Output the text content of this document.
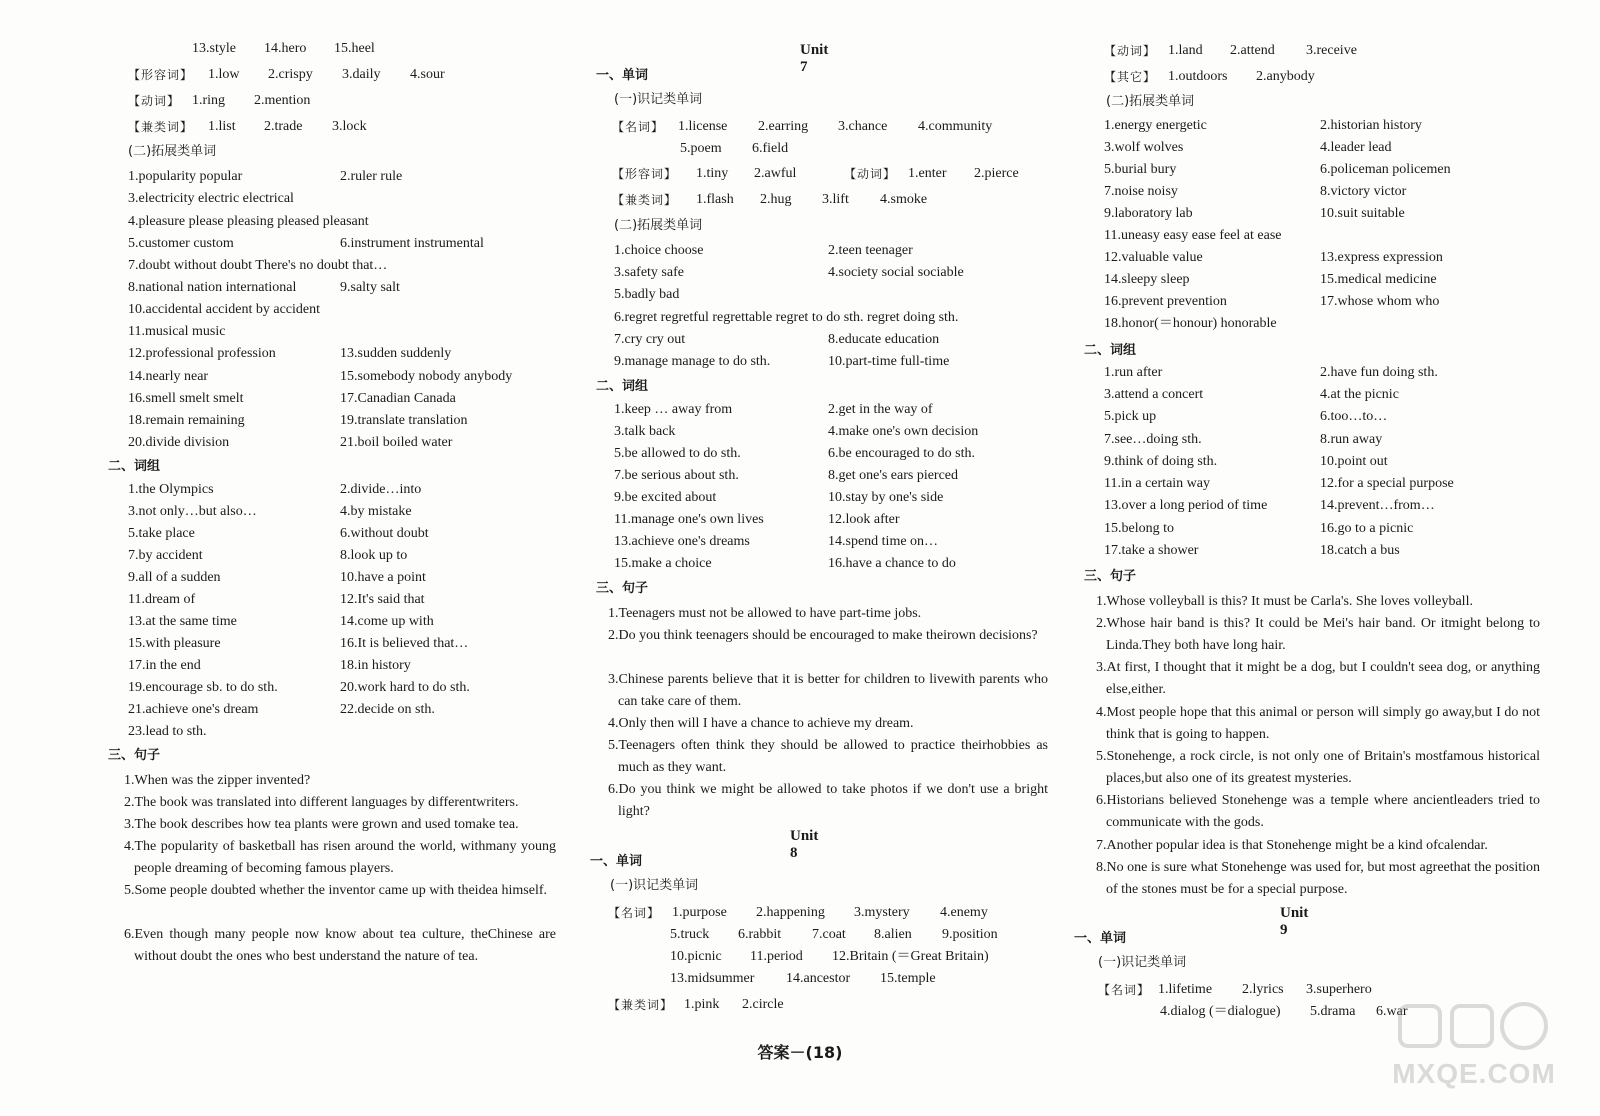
13.style 14.hero 15.heel
【形容词】 1.low 2.crispy 3.daily 4.sour
【动词】 1.ring 2.mention
【兼类词】 1.list 2.trade 3.lock
(二)拓展类单词
1.popularity popular	2.ruler rule
3.electricity electric electrical
4.pleasure please pleasing pleased pleasant
5.customer custom	6.instrument instrumental
7.doubt without doubt There's no doubt that…
8.national nation international	9.salty salt
10.accidental accident by accident
11.musical music
12.professional profession	13.sudden suddenly
14.nearly near	15.somebody nobody anybody
16.smell smelt smelt	17.Canadian Canada
18.remain remaining	19.translate translation
20.divide division	21.boil boiled water
二、词组
1.the Olympics	2.divide…into
3.not only…but also…	4.by mistake
5.take place	6.without doubt
7.by accident	8.look up to
9.all of a sudden	10.have a point
11.dream of	12.It's said that
13.at the same time	14.come up with
15.with pleasure	16.It is believed that…
17.in the end	18.in history
19.encourage sb. to do sth.	20.work hard to do sth.
21.achieve one's dream	22.decide on sth.
23.lead to sth.
三、句子
1.When was the zipper invented?
2.The book was translated into different languages by differentwriters.
3.The book describes how tea plants were grown and used tomake tea.
4.The popularity of basketball has risen around the world, withmany young people dreaming of becoming famous players.
5.Some people doubted whether the inventor came up with theidea himself.
6.Even though many people now know about tea culture, theChinese are without doubt the ones who best understand the nature of tea.
Unit 7
Unit 8
一、单词
(一)识记类单词
【名词】 1.license 2.earring 3.chance 4.community
5.poem 6.field
【形容词】 1.tiny 2.awful	【动词】 1.enter 2.pierce
【兼类词】 1.flash 2.hug 3.lift 4.smoke
(二)拓展类单词
1.choice choose	2.teen teenager
3.safety safe	4.society social sociable
5.badly bad
6.regret regretful regrettable regret to do sth. regret doing sth.
7.cry cry out	8.educate education
9.manage manage to do sth.	10.part-time full-time
二、词组
1.keep … away from	2.get in the way of
3.talk back	4.make one's own decision
5.be allowed to do sth.	6.be encouraged to do sth.
7.be serious about sth.	8.get one's ears pierced
9.be excited about	10.stay by one's side
11.manage one's own lives	12.look after
13.achieve one's dreams	14.spend time on…
15.make a choice	16.have a chance to do
三、句子
一、单词
(一)识记类单词
【名词】 1.purpose 2.happening 3.mystery 4.enemy
5.truck 6.rabbit 7.coat 8.alien 9.position
10.picnic 11.period 12.Britain (＝Great Britain)
13.midsummer 14.ancestor 15.temple
【兼类词】 1.pink 2.circle
1.Teenagers must not be allowed to have part-time jobs.
2.Do you think teenagers should be encouraged to make theirown decisions?
3.Chinese parents believe that it is better for children to livewith parents who can take care of them.
4.Only then will I have a chance to achieve my dream.
5.Teenagers often think they should be allowed to practice theirhobbies as much as they want.
6.Do you think we might be allowed to take photos if we don't use a bright light?
Unit 9
【动词】 1.land 2.attend 3.receive
【其它】 1.outdoors 2.anybody
(二)拓展类单词
1.energy energetic	2.historian history
3.wolf wolves	4.leader lead
5.burial bury	6.policeman policemen
7.noise noisy	8.victory victor
9.laboratory lab	10.suit suitable
11.uneasy easy ease feel at ease
12.valuable value	13.express expression
14.sleepy sleep	15.medical medicine
16.prevent prevention	17.whose whom who
18.honor(＝honour) honorable
二、词组
1.run after	2.have fun doing sth.
3.attend a concert	4.at the picnic
5.pick up	6.too…to…
7.see…doing sth.	8.run away
9.think of doing sth.	10.point out
11.in a certain way	12.for a special purpose
13.over a long period of time	14.prevent…from…
15.belong to	16.go to a picnic
17.take a shower	18.catch a bus
三、句子
一、单词
(一)识记类单词
【名词】 1.lifetime 2.lyrics 3.superhero
4.dialog (＝dialogue) 5.drama 6.war
1.Whose volleyball is this? It must be Carla's. She loves volleyball.
2.Whose hair band is this? It could be Mei's hair band. Or itmight belong to Linda.They both have long hair.
3.At first, I thought that it might be a dog, but I couldn't seea dog, or anything else,either.
4.Most people hope that this animal or person will simply go away,but I do not think that is going to happen.
5.Stonehenge, a rock circle, is not only one of Britain's mostfamous historical places,but also one of its greatest mysteries.
6.Historians believed Stonehenge was a temple where ancientleaders tried to communicate with the gods.
7.Another popular idea is that Stonehenge might be a kind ofcalendar.
8.No one is sure what Stonehenge was used for, but most agreethat the position of the stones must be for a special purpose.
答案－(18)
MXQE.COM
